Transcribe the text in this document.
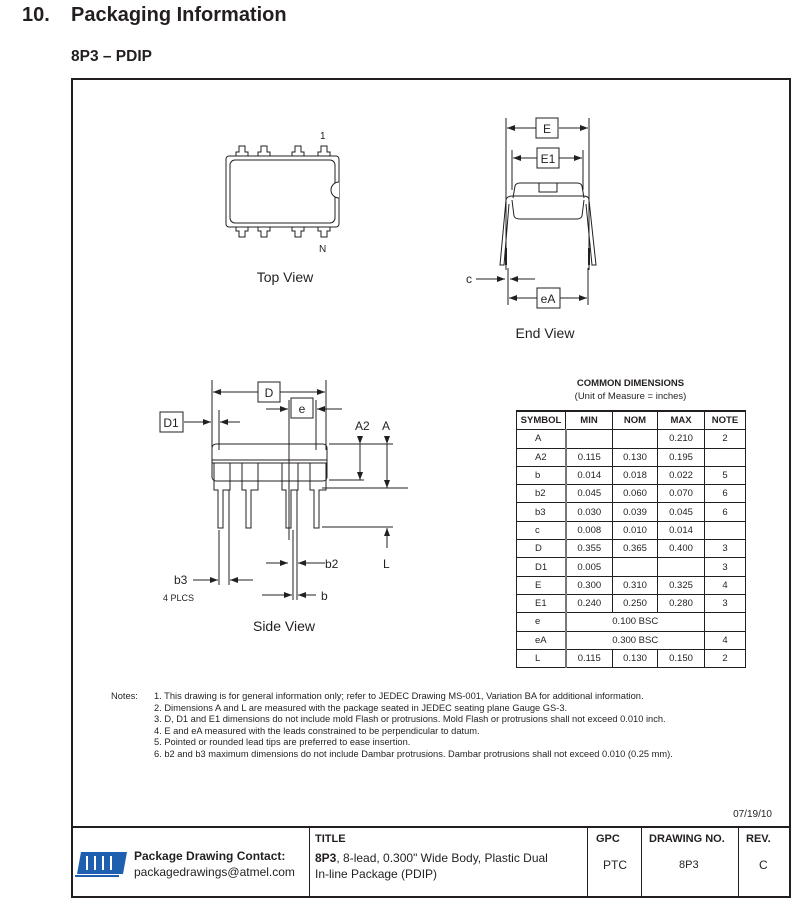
10. Packaging Information
8P3 – PDIP
1
N
Top View
E
E1
c
eA
End View
D
e
D1	A2 A
L
b3
4 PLCS
b2
b
Side View
COMMON DIMENSIONS
(Unit of Measure = inches)
SYMBOL	MIN	NOM	MAX	NOTE
A			0.210	2
A2	0.115	0.130	0.195	
b	0.014	0.018	0.022	5
b2	0.045	0.060	0.070	6
b3	0.030	0.039	0.045	6
c	0.008	0.010	0.014	
D	0.355	0.365	0.400	3
D1	0.005			3
E	0.300	0.310	0.325	4
E1	0.240	0.250	0.280	3
e	0.100 BSC			
eA	0.300 BSC			4
L	0.115	0.130	0.150	2
Notes: 1. This drawing is for general information only; refer to JEDEC Drawing MS-001, Variation BA for additional information.
2. Dimensions A and L are measured with the package seated in JEDEC seating plane Gauge GS-3.
3. D, D1 and E1 dimensions do not include mold Flash or protrusions. Mold Flash or protrusions shall not exceed 0.010 inch.
4. E and eA measured with the leads constrained to be perpendicular to datum.
5. Pointed or rounded lead tips are preferred to ease insertion.
6. b2 and b3 maximum dimensions do not include Dambar protrusions. Dambar protrusions shall not exceed 0.010 (0.25 mm).
07/19/10
Package Drawing Contact:
packagedrawings@atmel.com
TITLE
8P3, 8-lead, 0.300" Wide Body, Plastic Dual
In-line Package (PDIP)
GPC
PTC
DRAWING NO.
8P3
REV.
C
